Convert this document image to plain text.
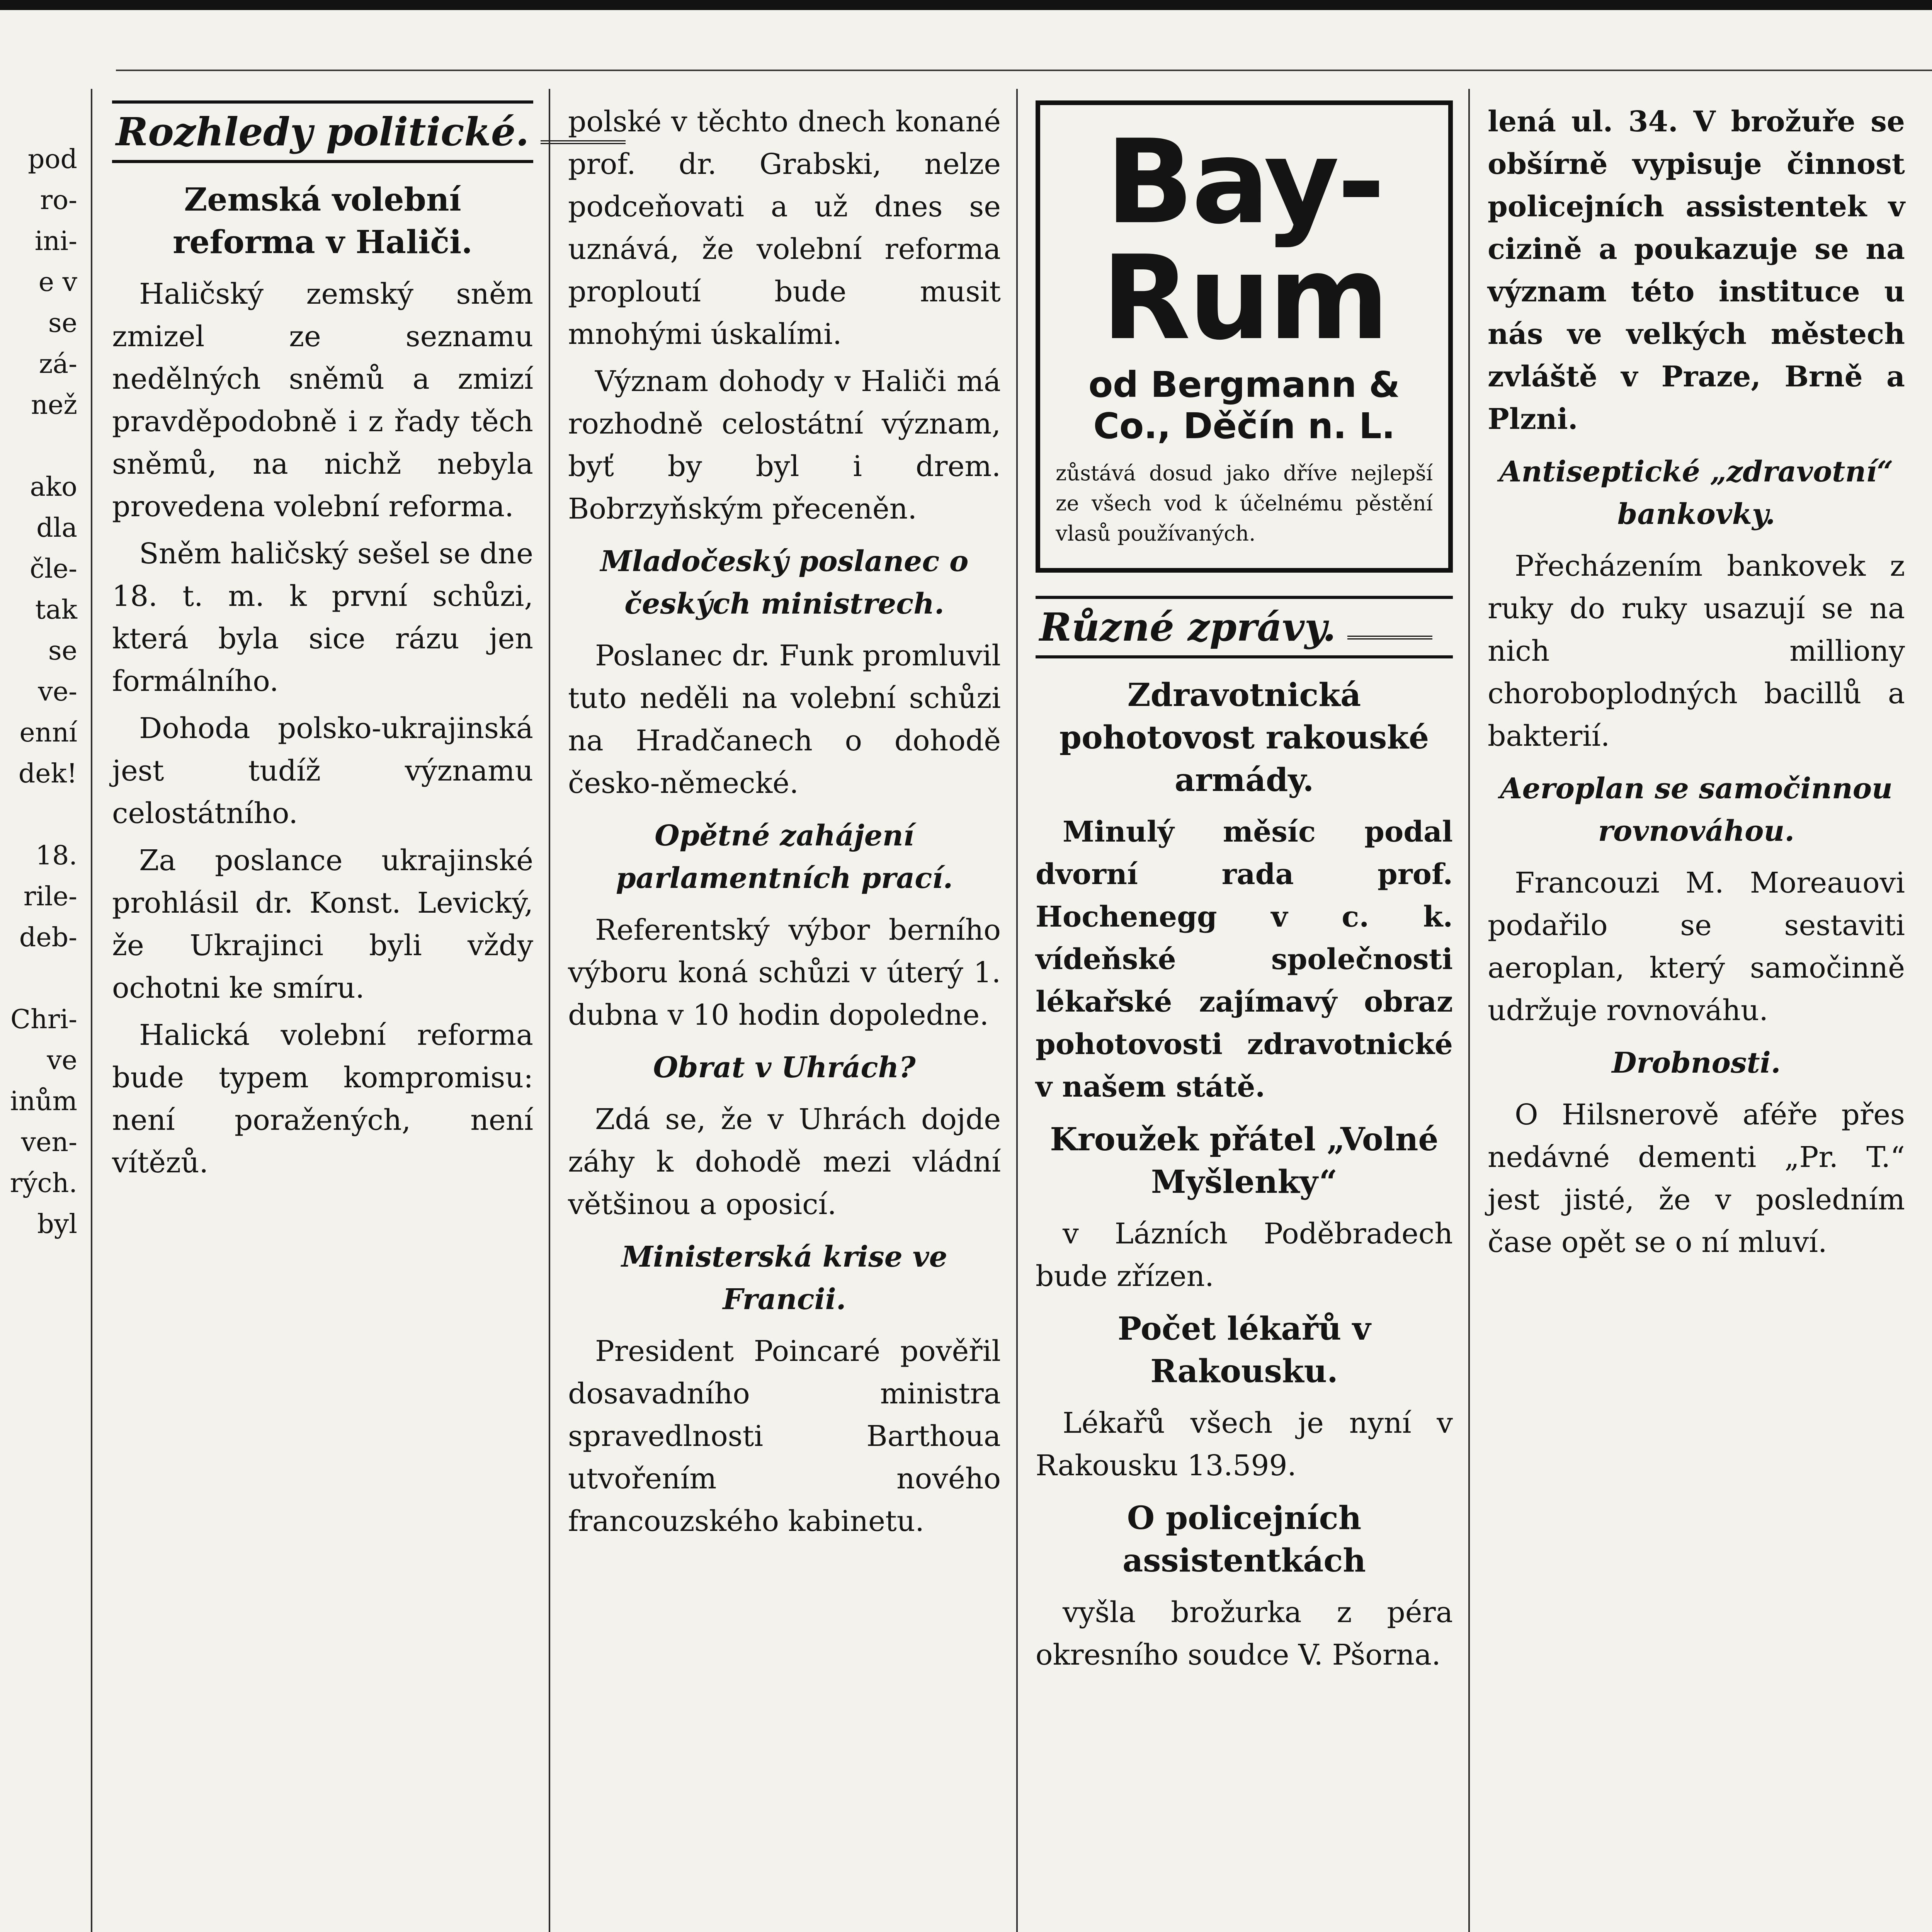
pod
ro-
ini-
e v
se
zá-
než

ako
dla
čle-
tak
se
ve-
enní
dek!

18.
rile-
deb-

Chri-
ve
inům
ven-
rých.
byl

Rozhledy politické.
Zemská volební reforma v Haliči.

Haličský zemský sněm zmizel ze seznamu nedělných sněmů a zmizí pravděpodobně i z řady těch sněmů, na nichž nebyla provedena volební reforma.

Sněm haličský sešel se dne 18. t. m. k první schůzi, která byla sice rázu jen formálního.

Dohoda polsko-ukrajinská jest tudíž významu celostátního.

Za poslance ukrajinské prohlásil dr. Konst. Levický, že Ukrajinci byli vždy ochotni ke smíru.

Halická volební reforma bude typem kompromisu: není poražených, není vítězů.

polské v těchto dnech konané prof. dr. Grabski, nelze podceňovati a už dnes se uznává, že volební reforma proploutí bude musit mnohými úskalími.

Význam dohody v Haliči má rozhodně celostátní význam, byť by byl i drem. Bobrzyňským přeceněn.

Mladočeský poslanec o českých ministrech.

Poslanec dr. Funk promluvil tuto neděli na volební schůzi na Hradčanech o dohodě česko-německé.

Opětné zahájení parlamentních prací.

Referentský výbor berního výboru koná schůzi v úterý 1. dubna v 10 hodin dopoledne.

Obrat v Uhrách?

Zdá se, že v Uhrách dojde záhy k dohodě mezi vládní většinou a oposicí.

Ministerská krise ve Francii.

President Poincaré pověřil dosavadního ministra spravedlnosti Barthoua utvořením nového francouzského kabinetu.

Bay-Rum
od Bergmann & Co., Děčín n. L.
zůstává dosud jako dříve nejlepší ze všech vod k účelnému pěstění vlasů používaných.
Různé zprávy.
Zdravotnická pohotovost rakouské armády.

Minulý měsíc podal dvorní rada prof. Hochenegg v c. k. vídeňské společnosti lékařské zajímavý obraz pohotovosti zdravotnické v našem státě.

Kroužek přátel „Volné Myšlenky“

v Lázních Poděbradech bude zřízen.

Počet lékařů v Rakousku.

Lékařů všech je nyní v Rakousku 13.599.

O policejních assistentkách

vyšla brožurka z péra okresního soudce V. Pšorna.

lená ul. 34. V brožuře se obšírně vypisuje činnost policejních assistentek v cizině a poukazuje se na význam této instituce u nás ve velkých městech zvláště v Praze, Brně a Plzni.

Antiseptické „zdravotní“ bankovky.

Přecházením bankovek z ruky do ruky usazují se na nich milliony choroboplodných bacillů a bakterií.

Aeroplan se samočinnou rovnováhou.

Francouzi M. Moreauovi podařilo se sestaviti aeroplan, který samočinně udržuje rovnováhu.

Drobnosti.

O Hilsnerově aféře přes nedávné dementi „Pr. T.“ jest jisté, že v posledním čase opět se o ní mluví.
